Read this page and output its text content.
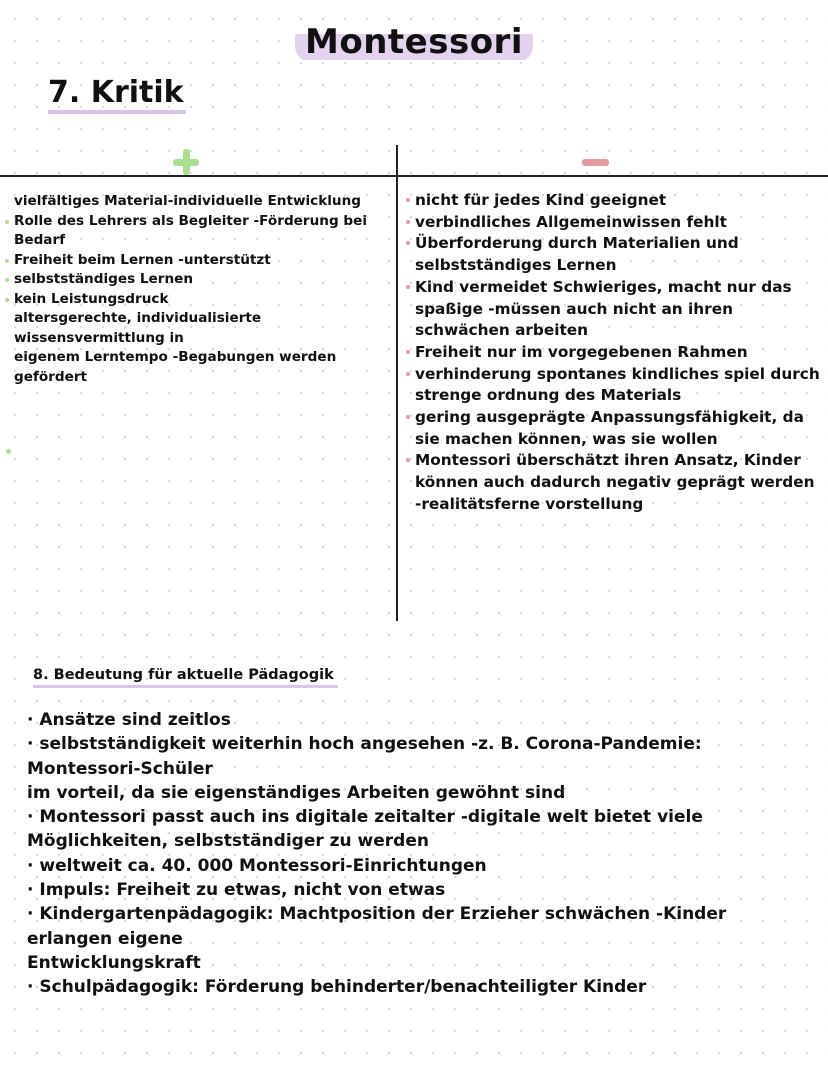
Montessori
7. Kritik
vielfältiges Material-individuelle Entwicklung
Rolle des Lehrers als Begleiter -Förderung bei Bedarf
Freiheit beim Lernen -unterstützt
selbstständiges Lernen
kein Leistungsdruck
altersgerechte, individualisierte wissensvermittlung in
eigenem Lerntempo -Begabungen werden gefördert
nicht für jedes Kind geeignet
verbindliches Allgemeinwissen fehlt
Überforderung durch Materialien und selbstständiges Lernen
Kind vermeidet Schwieriges, macht nur das spaßige -müssen auch nicht an ihren schwächen arbeiten
Freiheit nur im vorgegebenen Rahmen
verhinderung spontanes kindliches spiel durch strenge ordnung des Materials
gering ausgeprägte Anpassungsfähigkeit, da sie machen können, was sie wollen
Montessori überschätzt ihren Ansatz, Kinder können auch dadurch negativ geprägt werden -realitätsferne vorstellung
8. Bedeutung für aktuelle Pädagogik
· Ansätze sind zeitlos
· selbstständigkeit weiterhin hoch angesehen -z. B. Corona-Pandemie: Montessori-Schüler
im vorteil, da sie eigenständiges Arbeiten gewöhnt sind
· Montessori passt auch ins digitale zeitalter -digitale welt bietet viele Möglichkeiten, selbstständiger zu werden
· weltweit ca. 40. 000 Montessori-Einrichtungen
· Impuls: Freiheit zu etwas, nicht von etwas
· Kindergartenpädagogik: Machtposition der Erzieher schwächen -Kinder erlangen eigene
Entwicklungskraft
· Schulpädagogik: Förderung behinderter/benachteiligter Kinder
